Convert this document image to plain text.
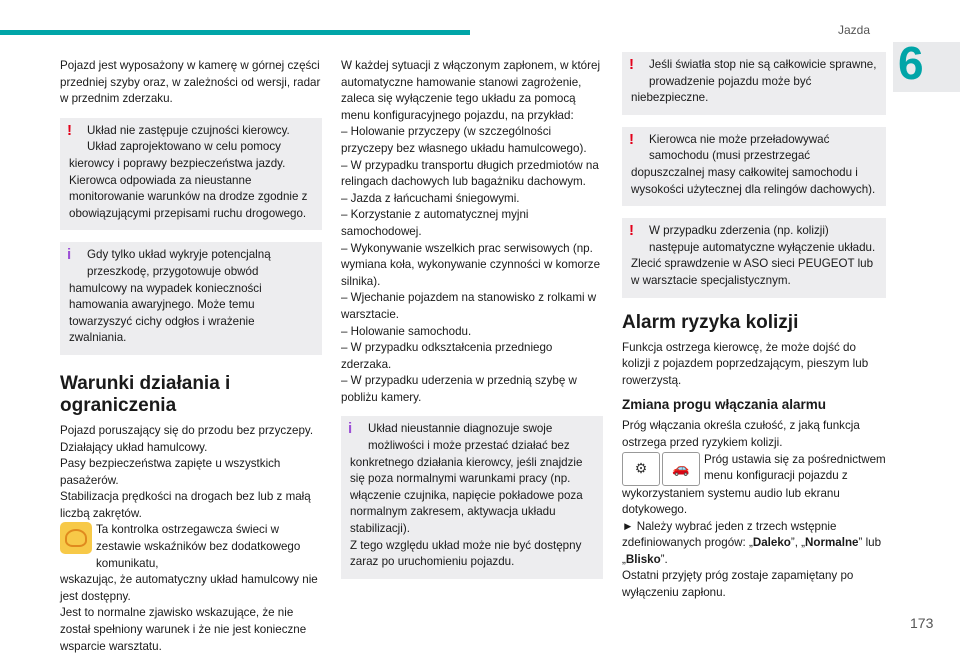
Jazda
6

Pojazd jest wyposażony w kamerę w górnej części przedniej szyby oraz, w zależności od wersji, radar w przednim zderzaku.

!	Układ nie zastępuje czujności kierowcy. Układ zaprojektowano w celu pomocy
kierowcy i poprawy bezpieczeństwa jazdy. Kierowca odpowiada za nieustanne monitorowanie warunków na drodze zgodnie z obowiązującymi przepisami ruchu drogowego.
i	Gdy tylko układ wykryje potencjalną przeszkodę, przygotowuje obwód
hamulcowy na wypadek konieczności hamowania awaryjnego. Może temu towarzyszyć cichy odgłos i wrażenie zwalniania.
Warunki działania i ograniczenia

Pojazd poruszający się do przodu bez przyczepy.

Działający układ hamulcowy.

Pasy bezpieczeństwa zapięte u wszystkich pasażerów.

Stabilizacja prędkości na drogach bez lub z małą liczbą zakrętów.

Ta kontrolka ostrzegawcza świeci w zestawie wskaźników bez dodatkowego komunikatu,

wskazując, że automatyczny układ hamulcowy nie jest dostępny.

Jest to normalne zjawisko wskazujące, że nie został spełniony warunek i że nie jest konieczne wsparcie warsztatu.

W każdej sytuacji z włączonym zapłonem, w której automatyczne hamowanie stanowi zagrożenie, zaleca się wyłączenie tego układu za pomocą menu konfiguracyjnego pojazdu, na przykład:

– Holowanie przyczepy (w szczególności przyczepy bez własnego układu hamulcowego).

– W przypadku transportu długich przedmiotów na relingach dachowych lub bagażniku dachowym.

– Jazda z łańcuchami śniegowymi.

– Korzystanie z automatycznej myjni samochodowej.

– Wykonywanie wszelkich prac serwisowych (np. wymiana koła, wykonywanie czynności w komorze silnika).

– Wjechanie pojazdem na stanowisko z rolkami w warsztacie.

– Holowanie samochodu.

– W przypadku odkształcenia przedniego zderzaka.

– W przypadku uderzenia w przednią szybę w pobliżu kamery.

i	Układ nieustannie diagnozuje swoje możliwości i może przestać działać bez
konkretnego działania kierowcy, jeśli znajdzie się poza normalnymi warunkami pracy (np. włączenie czujnika, napięcie pokładowe poza normalnym zakresem, aktywacja układu stabilizacji).
Z tego względu układ może nie być dostępny zaraz po uruchomieniu pojazdu.
!	Jeśli światła stop nie są całkowicie sprawne, prowadzenie pojazdu może być
niebezpieczne.
!	Kierowca nie może przeładowywać samochodu (musi przestrzegać
dopuszczalnej masy całkowitej samochodu i wysokości użytecznej dla relingów dachowych).
!	W przypadku zderzenia (np. kolizji) następuje automatyczne wyłączenie układu.
Zlecić sprawdzenie w ASO sieci PEUGEOT lub w warsztacie specjalistycznym.
Alarm ryzyka kolizji

Funkcja ostrzega kierowcę, że może dojść do kolizji z pojazdem poprzedzającym, pieszym lub rowerzystą.

Zmiana progu włączania alarmu

Próg włączania określa czułość, z jaką funkcja ostrzega przed ryzykiem kolizji.

⚙	🚗

Próg ustawia się za pośrednictwem menu konfiguracji pojazdu z

wykorzystaniem systemu audio lub ekranu dotykowego.

► Należy wybrać jeden z trzech wstępnie zdefiniowanych progów: „Daleko”, „Normalne” lub „Blisko”.

Ostatni przyjęty próg zostaje zapamiętany po wyłączeniu zapłonu.

173
